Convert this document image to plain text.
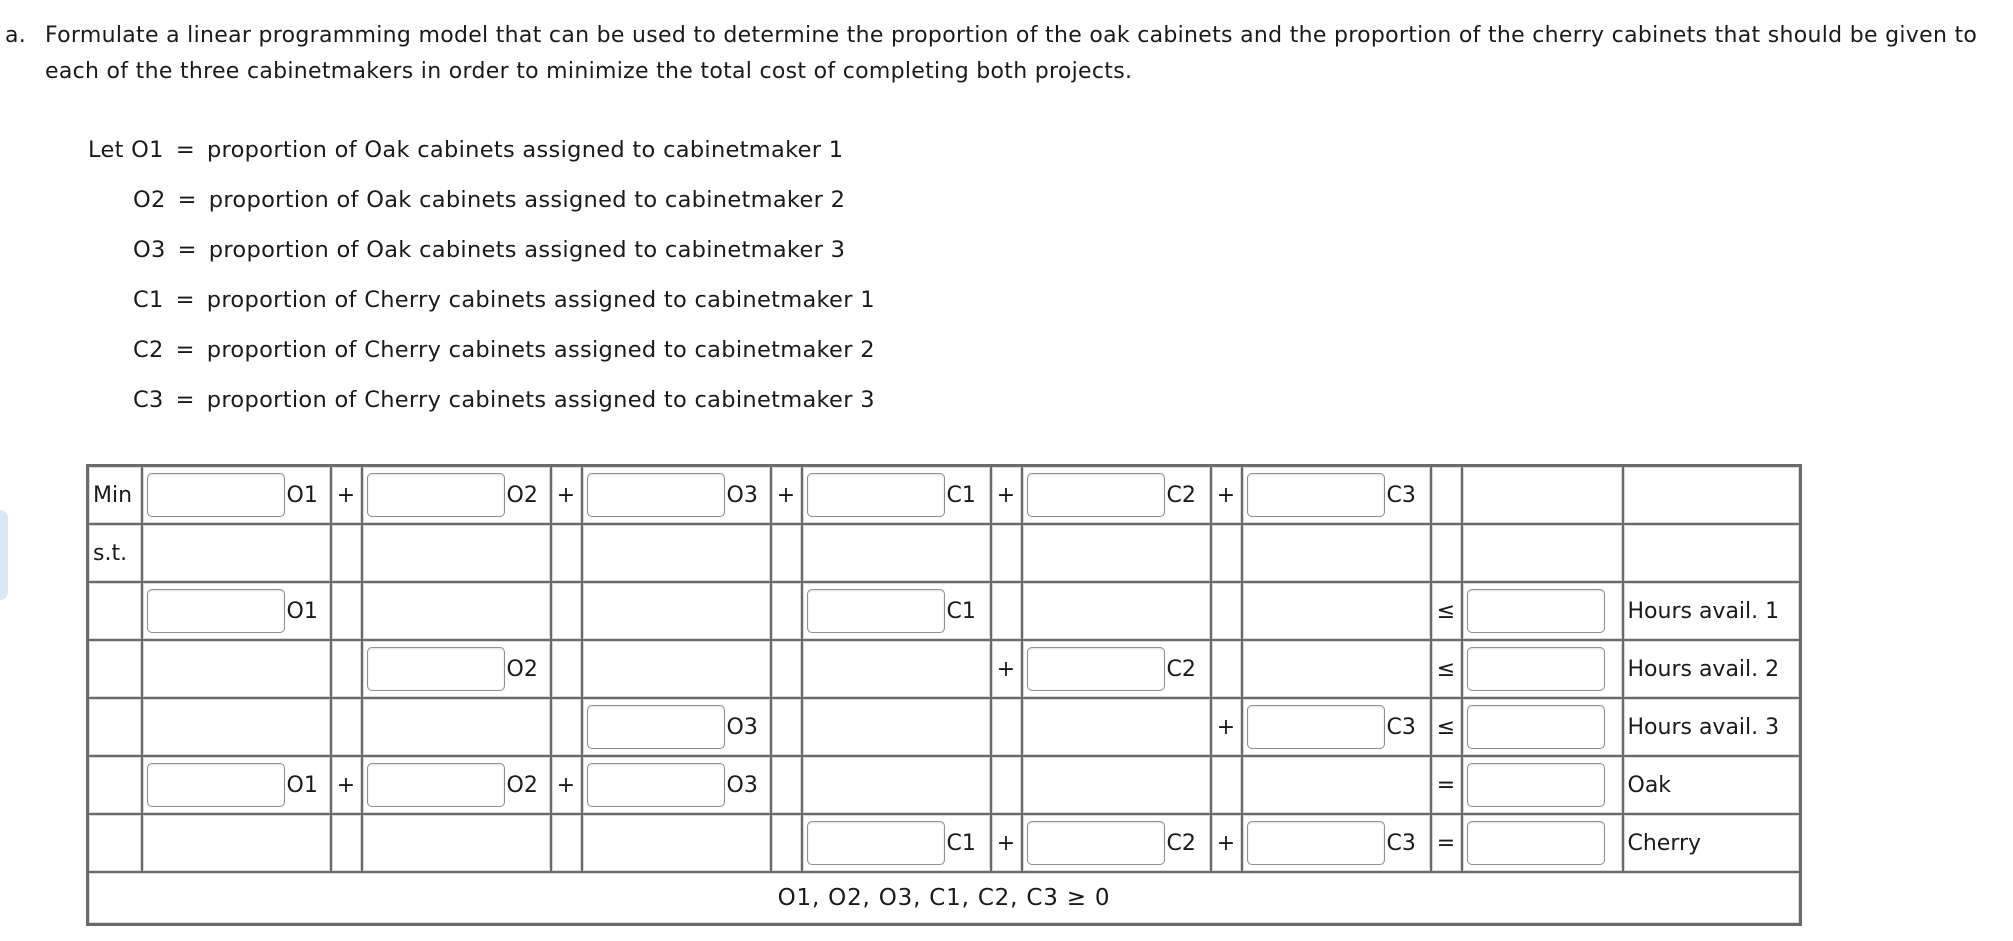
a. Formulate a linear programming model that can be used to determine the proportion of the oak cabinets and the proportion of the cherry cabinets that should be given to each of the three cabinetmakers in order to minimize the total cost of completing both projects.
Let O1 = proportion of Oak cabinets assigned to cabinetmaker 1
O2 = proportion of Oak cabinets assigned to cabinetmaker 2
O3 = proportion of Oak cabinets assigned to cabinetmaker 3
C1 = proportion of Cherry cabinets assigned to cabinetmaker 1
C2 = proportion of Cherry cabinets assigned to cabinetmaker 2
C3 = proportion of Cherry cabinets assigned to cabinetmaker 3
Min	O1	+	O2	+	O3	+	C1	+	C2	+	C3			

s.t.														

	O1						C1					≤		Hours avail. 1

			O2					+	C2			≤		Hours avail. 2

					O3					+	C3	≤		Hours avail. 3

	O1	+	O2	+	O3							=		Oak

							C1	+	C2	+	C3	=		Cherry
O1, O2, O3, C1, C2, C3 ≥ 0														
